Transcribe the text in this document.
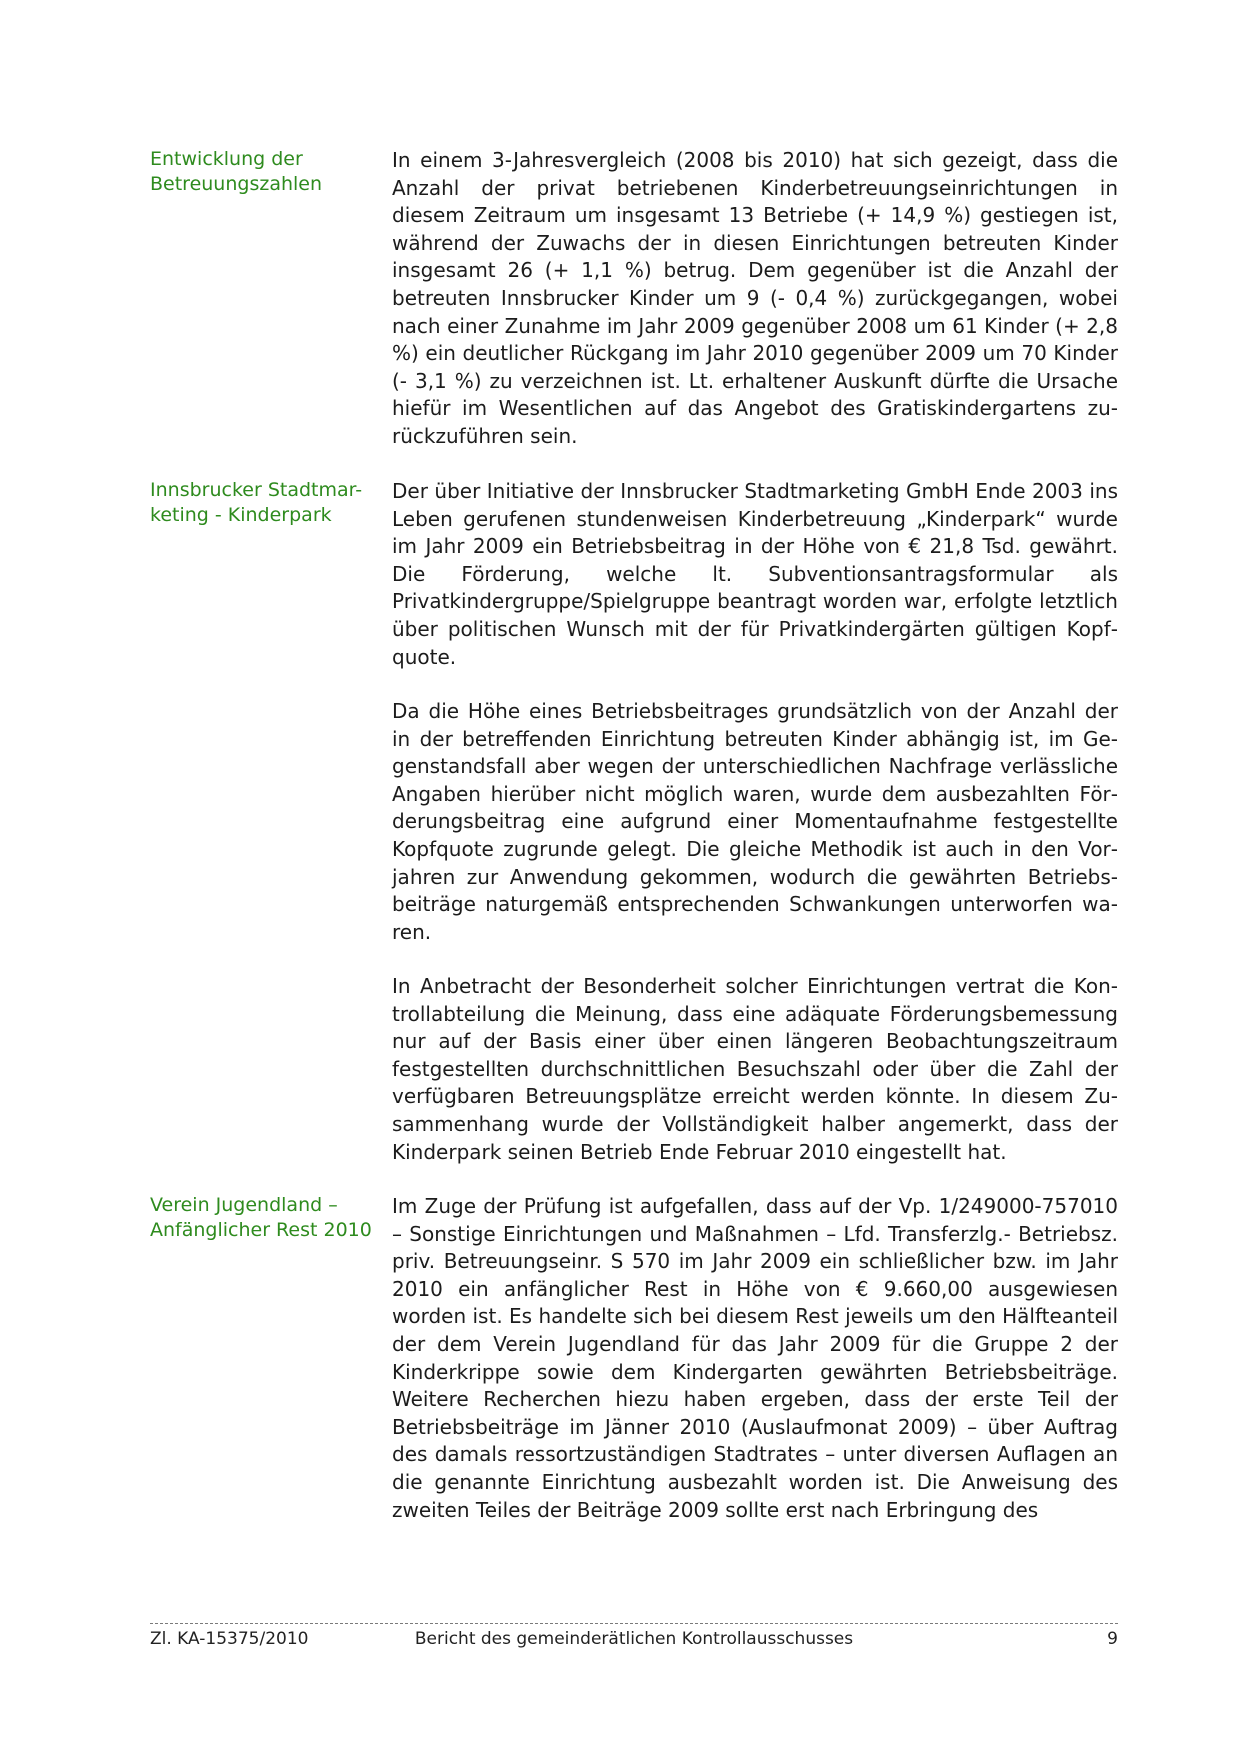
Entwicklung der
Betreuungszahlen

In einem 3-Jahresvergleich (2008 bis 2010) hat sich gezeigt, dass die Anzahl der privat betriebenen Kinderbetreuungseinrichtungen in diesem Zeitraum um insgesamt 13 Betriebe (+ 14,9 %) gestiegen ist, während der Zuwachs der in diesen Einrichtungen betreuten Kinder insgesamt 26 (+ 1,1 %) betrug. Dem gegenüber ist die Anzahl der betreuten Innsbrucker Kinder um 9 (- 0,4 %) zurückgegangen, wobei nach einer Zunahme im Jahr 2009 gegenüber 2008 um 61 Kinder (+ 2,8 %) ein deutlicher Rückgang im Jahr 2010 gegenüber 2009 um 70 Kinder (- 3,1 %) zu verzeichnen ist. Lt. erhaltener Auskunft dürfte die Ursache hiefür im Wesentlichen auf das Angebot des Gratiskindergartens zurückzuführen sein.

Innsbrucker Stadtmar-
keting - Kinderpark

Der über Initiative der Innsbrucker Stadtmarketing GmbH Ende 2003 ins Leben gerufenen stundenweisen Kinderbetreuung „Kinderpark“ wurde im Jahr 2009 ein Betriebsbeitrag in der Höhe von € 21,8 Tsd. gewährt. Die Förderung, welche lt. Subventionsantragsformular als Privatkindergruppe/Spielgruppe beantragt worden war, erfolgte letztlich über politischen Wunsch mit der für Privatkindergärten gültigen Kopfquote.

Da die Höhe eines Betriebsbeitrages grundsätzlich von der Anzahl der in der betreffenden Einrichtung betreuten Kinder abhängig ist, im Gegenstandsfall aber wegen der unterschiedlichen Nachfrage verlässliche Angaben hierüber nicht möglich waren, wurde dem ausbezahlten Förderungsbeitrag eine aufgrund einer Momentaufnahme festgestellte Kopfquote zugrunde gelegt. Die gleiche Methodik ist auch in den Vorjahren zur Anwendung gekommen, wodurch die gewährten Betriebsbeiträge naturgemäß entsprechenden Schwankungen unterworfen waren.

In Anbetracht der Besonderheit solcher Einrichtungen vertrat die Kontrollabteilung die Meinung, dass eine adäquate Förderungsbemessung nur auf der Basis einer über einen längeren Beobachtungszeitraum festgestellten durchschnittlichen Besuchszahl oder über die Zahl der verfügbaren Betreuungsplätze erreicht werden könnte. In diesem Zusammenhang wurde der Vollständigkeit halber angemerkt, dass der Kinderpark seinen Betrieb Ende Februar 2010 eingestellt hat.

Verein Jugendland –
Anfänglicher Rest 2010

Im Zuge der Prüfung ist aufgefallen, dass auf der Vp. 1/249000-757010 – Sonstige Einrichtungen und Maßnahmen – Lfd. Transferzlg.- Betriebsz. priv. Betreuungseinr. S 570 im Jahr 2009 ein schließlicher bzw. im Jahr 2010 ein anfänglicher Rest in Höhe von € 9.660,00 ausgewiesen worden ist. Es handelte sich bei diesem Rest jeweils um den Hälfteanteil der dem Verein Jugendland für das Jahr 2009 für die Gruppe 2 der Kinderkrippe sowie dem Kindergarten gewährten Betriebsbeiträge. Weitere Recherchen hiezu haben ergeben, dass der erste Teil der Betriebsbeiträge im Jänner 2010 (Auslaufmonat 2009) – über Auftrag des damals ressortzuständigen Stadtrates – unter diversen Auflagen an die genannte Einrichtung ausbezahlt worden ist. Die Anweisung des zweiten Teiles der Beiträge 2009 sollte erst nach Erbringung des

Zl. KA-15375/2010	Bericht des gemeinderätlichen Kontrollausschusses	9
